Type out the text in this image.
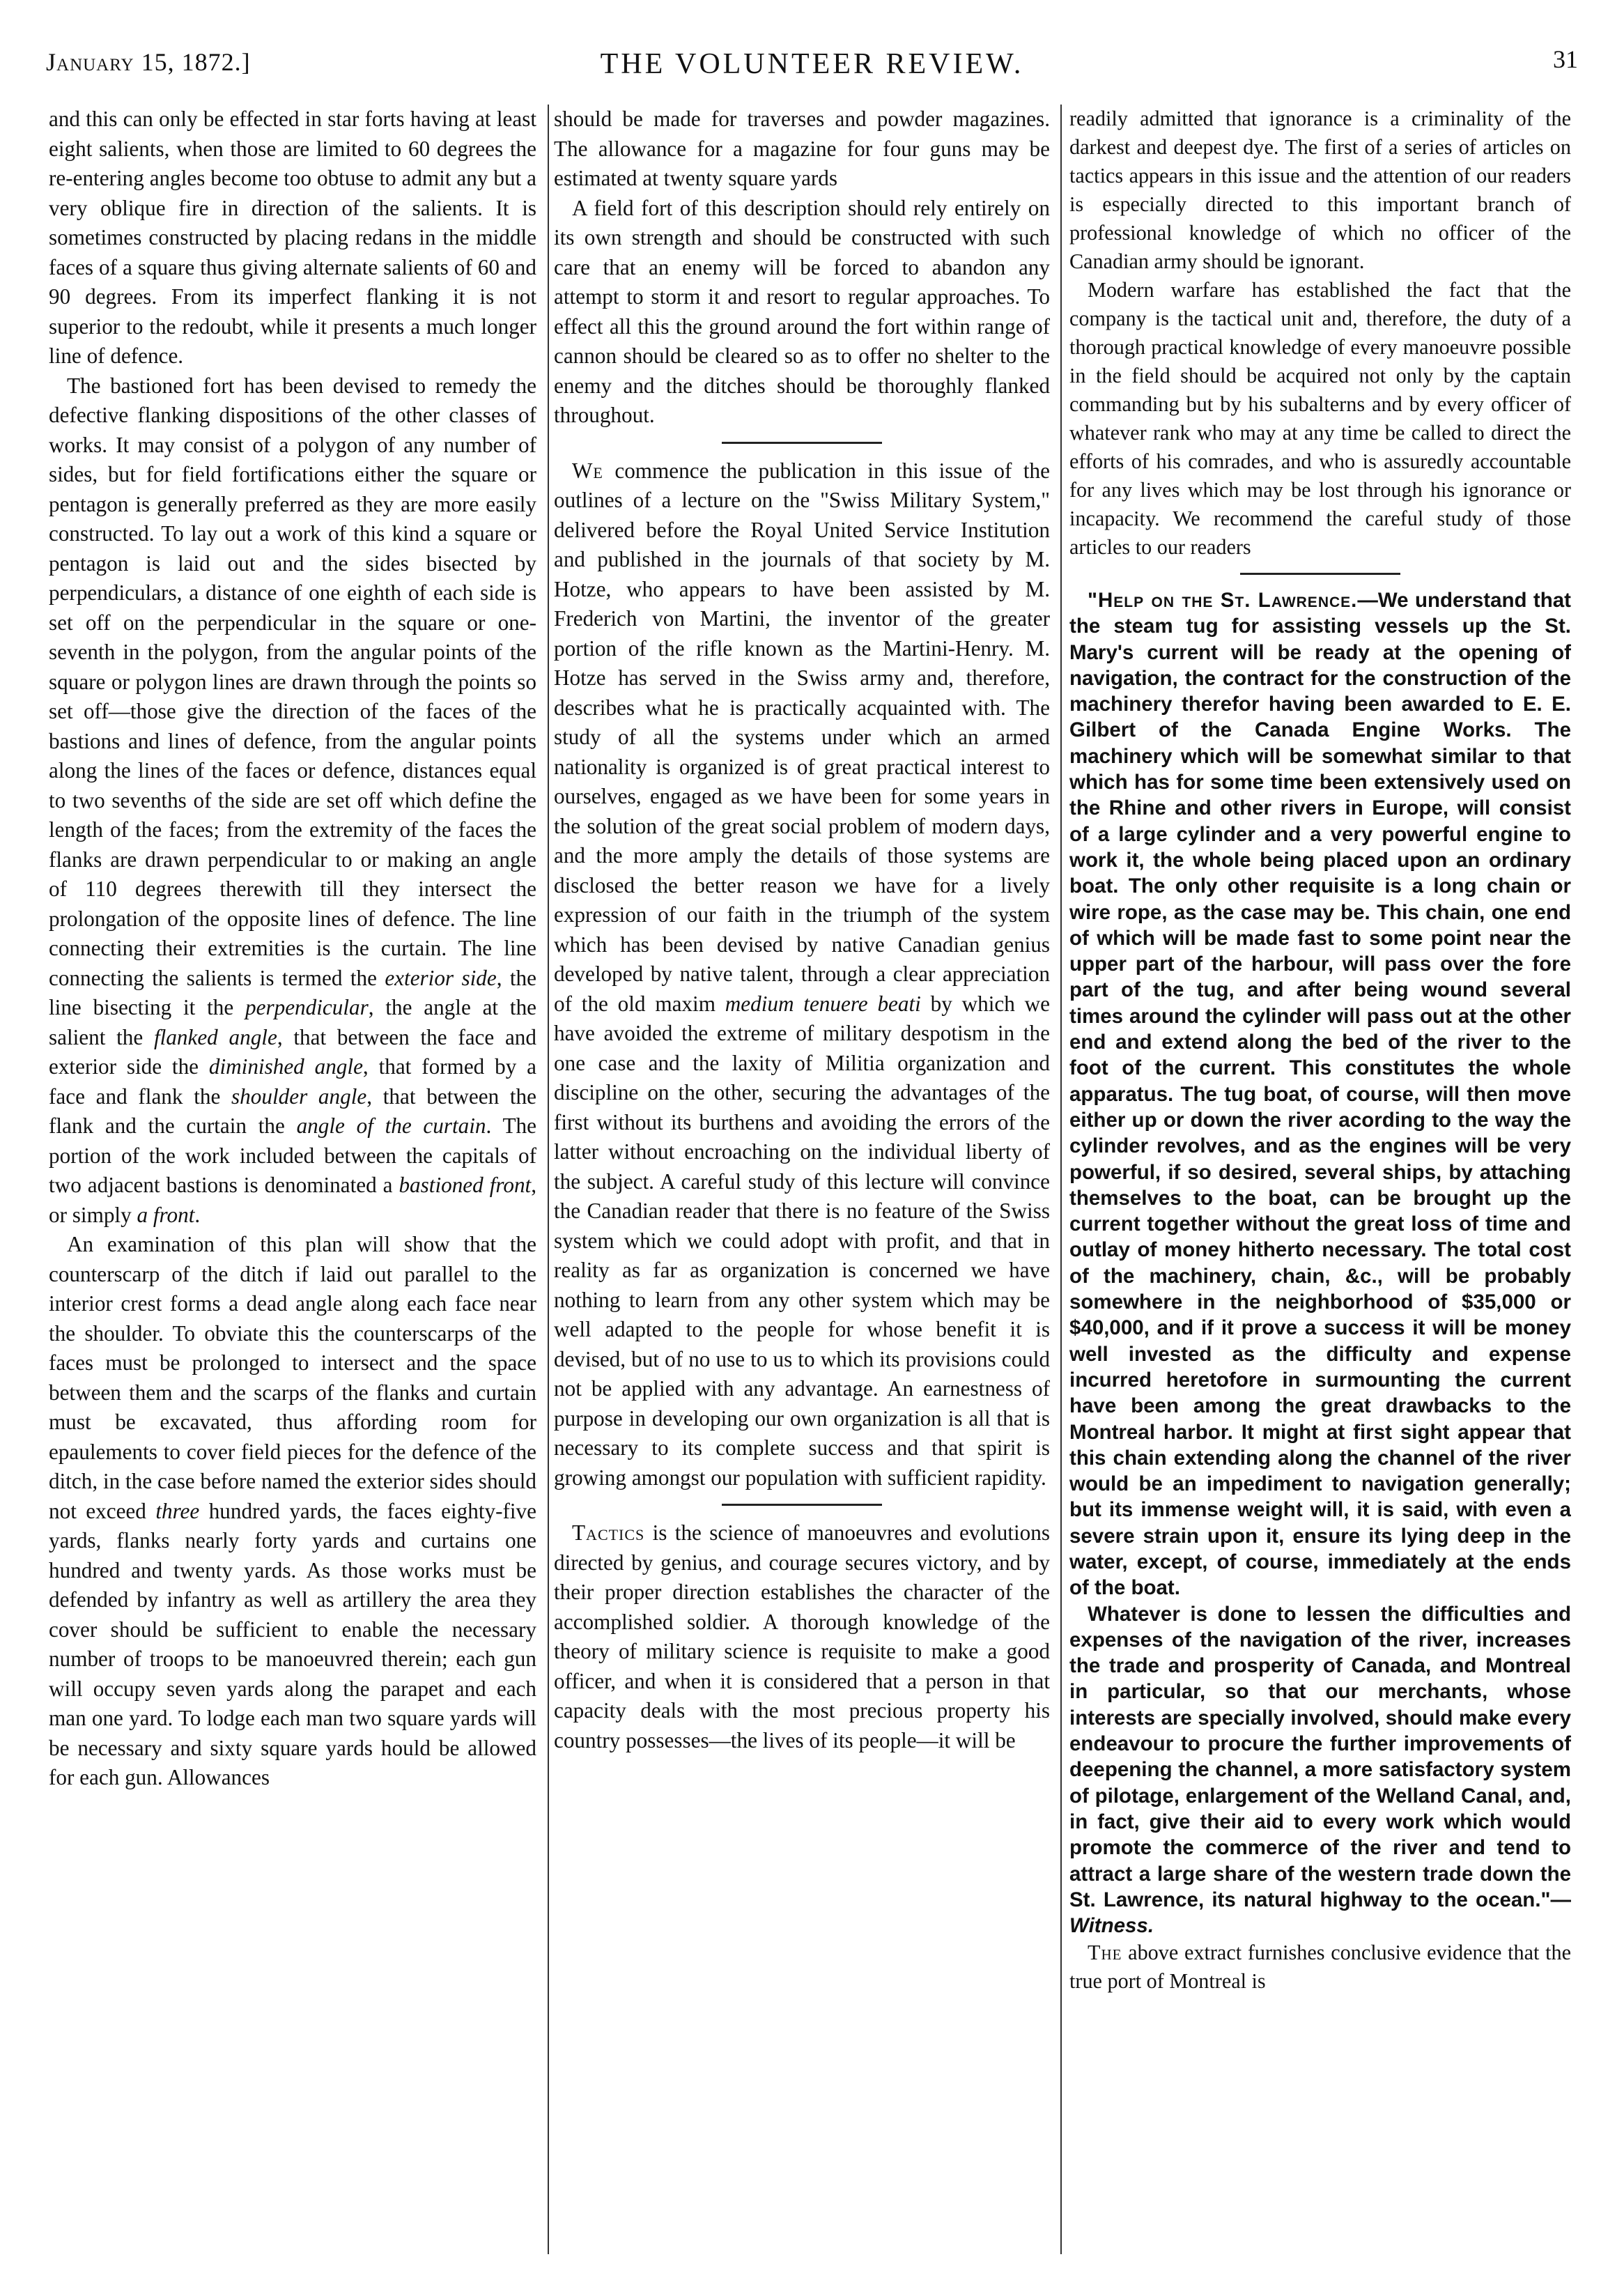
January 15, 1872.]	THE VOLUNTEER REVIEW.	31

and this can only be effected in star forts having at least eight salients, when those are limited to 60 degrees the re-entering angles become too obtuse to admit any but a very oblique fire in direction of the salients. It is sometimes constructed by placing redans in the middle faces of a square thus giving alternate salients of 60 and 90 degrees. From its imperfect flanking it is not superior to the redoubt, while it presents a much longer line of defence.

The bastioned fort has been devised to remedy the defective flanking dispositions of the other classes of works. It may consist of a polygon of any number of sides, but for field fortifications either the square or pentagon is generally preferred as they are more easily constructed. To lay out a work of this kind a square or pentagon is laid out and the sides bisected by perpendiculars, a distance of one eighth of each side is set off on the perpendicular in the square or one-seventh in the polygon, from the angular points of the square or polygon lines are drawn through the points so set off—those give the direction of the faces of the bastions and lines of defence, from the angular points along the lines of the faces or defence, distances equal to two sevenths of the side are set off which define the length of the faces; from the extremity of the faces the flanks are drawn perpendicular to or making an angle of 110 degrees therewith till they intersect the prolongation of the opposite lines of defence. The line connecting their extremities is the curtain. The line connecting the salients is termed the exterior side, the line bisecting it the perpendicular, the angle at the salient the flanked angle, that between the face and exterior side the diminished angle, that formed by a face and flank the shoulder angle, that between the flank and the curtain the angle of the curtain. The portion of the work included between the capitals of two adjacent bastions is denominated a bastioned front, or simply a front.

An examination of this plan will show that the counterscarp of the ditch if laid out parallel to the interior crest forms a dead angle along each face near the shoulder. To obviate this the counterscarps of the faces must be prolonged to intersect and the space between them and the scarps of the flanks and curtain must be excavated, thus affording room for epaulements to cover field pieces for the defence of the ditch, in the case before named the exterior sides should not exceed three hundred yards, the faces eighty-five yards, flanks nearly forty yards and curtains one hundred and twenty yards. As those works must be defended by infantry as well as artillery the area they cover should be sufficient to enable the necessary number of troops to be manoeuvred therein; each gun will occupy seven yards along the parapet and each man one yard. To lodge each man two square yards will be necessary and sixty square yards hould be allowed for each gun. Allowances

should be made for traverses and powder magazines. The allowance for a magazine for four guns may be estimated at twenty square yards

A field fort of this description should rely entirely on its own strength and should be constructed with such care that an enemy will be forced to abandon any attempt to storm it and resort to regular approaches. To effect all this the ground around the fort within range of cannon should be cleared so as to offer no shelter to the enemy and the ditches should be thoroughly flanked throughout.

We commence the publication in this issue of the outlines of a lecture on the "Swiss Military System," delivered before the Royal United Service Institution and published in the journals of that society by M. Hotze, who appears to have been assisted by M. Frederich von Martini, the inventor of the greater portion of the rifle known as the Martini-Henry. M. Hotze has served in the Swiss army and, therefore, describes what he is practically acquainted with. The study of all the systems under which an armed nationality is organized is of great practical interest to ourselves, engaged as we have been for some years in the solution of the great social problem of modern days, and the more amply the details of those systems are disclosed the better reason we have for a lively expression of our faith in the triumph of the system which has been devised by native Canadian genius developed by native talent, through a clear appreciation of the old maxim medium tenuere beati by which we have avoided the extreme of military despotism in the one case and the laxity of Militia organization and discipline on the other, securing the advantages of the first without its burthens and avoiding the errors of the latter without encroaching on the individual liberty of the subject. A careful study of this lecture will convince the Canadian reader that there is no feature of the Swiss system which we could adopt with profit, and that in reality as far as organization is concerned we have nothing to learn from any other system which may be well adapted to the people for whose benefit it is devised, but of no use to us to which its provisions could not be applied with any advantage. An earnestness of purpose in developing our own organization is all that is necessary to its complete success and that spirit is growing amongst our population with sufficient rapidity.

Tactics is the science of manoeuvres and evolutions directed by genius, and courage secures victory, and by their proper direction establishes the character of the accomplished soldier. A thorough knowledge of the theory of military science is requisite to make a good officer, and when it is considered that a person in that capacity deals with the most precious property his country possesses—the lives of its people—it will be

readily admitted that ignorance is a criminality of the darkest and deepest dye. The first of a series of articles on tactics appears in this issue and the attention of our readers is especially directed to this important branch of professional knowledge of which no officer of the Canadian army should be ignorant.

Modern warfare has established the fact that the company is the tactical unit and, therefore, the duty of a thorough practical knowledge of every manoeuvre possible in the field should be acquired not only by the captain commanding but by his subalterns and by every officer of whatever rank who may at any time be called to direct the efforts of his comrades, and who is assuredly accountable for any lives which may be lost through his ignorance or incapacity. We recommend the careful study of those articles to our readers

"Help on the St. Lawrence.—We understand that the steam tug for assisting vessels up the St. Mary's current will be ready at the opening of navigation, the contract for the construction of the machinery therefor having been awarded to E. E. Gilbert of the Canada Engine Works. The machinery which will be somewhat similar to that which has for some time been extensively used on the Rhine and other rivers in Europe, will consist of a large cylinder and a very powerful engine to work it, the whole being placed upon an ordinary boat. The only other requisite is a long chain or wire rope, as the case may be. This chain, one end of which will be made fast to some point near the upper part of the harbour, will pass over the fore part of the tug, and after being wound several times around the cylinder will pass out at the other end and extend along the bed of the river to the foot of the current. This constitutes the whole apparatus. The tug boat, of course, will then move either up or down the river acording to the way the cylinder revolves, and as the engines will be very powerful, if so desired, several ships, by attaching themselves to the boat, can be brought up the current together without the great loss of time and outlay of money hitherto necessary. The total cost of the machinery, chain, &c., will be probably somewhere in the neighborhood of $35,000 or $40,000, and if it prove a success it will be money well invested as the difficulty and expense incurred heretofore in surmounting the current have been among the great drawbacks to the Montreal harbor. It might at first sight appear that this chain extending along the channel of the river would be an impediment to navigation generally; but its immense weight will, it is said, with even a severe strain upon it, ensure its lying deep in the water, except, of course, immediately at the ends of the boat.

Whatever is done to lessen the difficulties and expenses of the navigation of the river, increases the trade and prosperity of Canada, and Montreal in particular, so that our merchants, whose interests are specially involved, should make every endeavour to procure the further improvements of deepening the channel, a more satisfactory system of pilotage, enlargement of the Welland Canal, and, in fact, give their aid to every work which would promote the commerce of the river and tend to attract a large share of the western trade down the St. Lawrence, its natural highway to the ocean."—Witness.

The above extract furnishes conclusive evidence that the true port of Montreal is
